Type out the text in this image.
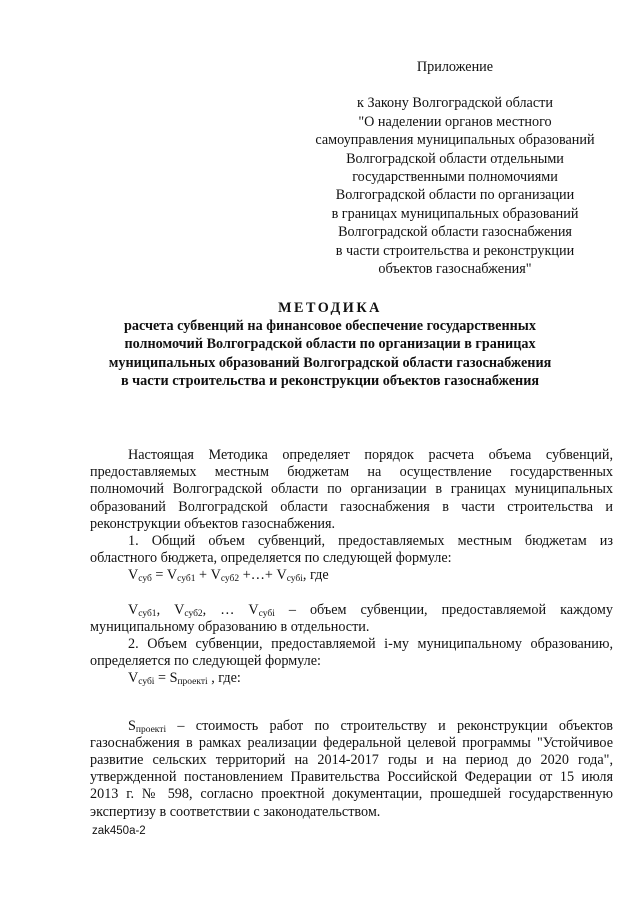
Приложение
к Закону Волгоградской области
"О наделении органов местного
самоуправления муниципальных образований
Волгоградской области отдельными
государственными полномочиями
Волгоградской области по организации
в границах муниципальных образований
Волгоградской области газоснабжения
в части строительства и реконструкции
объектов газоснабжения"
МЕТОДИКА
расчета субвенций на финансовое обеспечение государственных
полномочий Волгоградской области по организации в границах
муниципальных образований Волгоградской области газоснабжения
в части строительства и реконструкции объектов газоснабжения

Настоящая Методика определяет порядок расчета объема субвенций, предоставляемых местным бюджетам на осуществление государственных полномочий Волгоградской области по организации в границах муниципальных образований Волгоградской области газоснабжения в части строительства и реконструкции объектов газоснабжения.

1. Общий объем субвенций, предоставляемых местным бюджетам из областного бюджета, определяется по следующей формуле:

$V_{суб} = V_{суб1} + V_{суб2}$ +…+ $V_{субi}$, где

$V_{суб1}$, $V_{суб2}$, … $V_{субi}$ – объем субвенции, предоставляемой каждому муниципальному образованию в отдельности.

2. Объем субвенции, предоставляемой i-му муниципальному образованию, определяется по следующей формуле:

$V_{субi} = S_{проектi}$ , где:

$S_{проектi}$ – стоимость работ по строительству и реконструкции объектов газоснабжения в рамках реализации федеральной целевой программы "Устойчивое развитие сельских территорий на 2014-2017 годы и на период до 2020 года", утвержденной постановлением Правительства Российской Федерации от 15 июля 2013 г. № 598, согласно проектной документации, прошедшей государственную экспертизу в соответствии с законодательством.

zak450a-2
